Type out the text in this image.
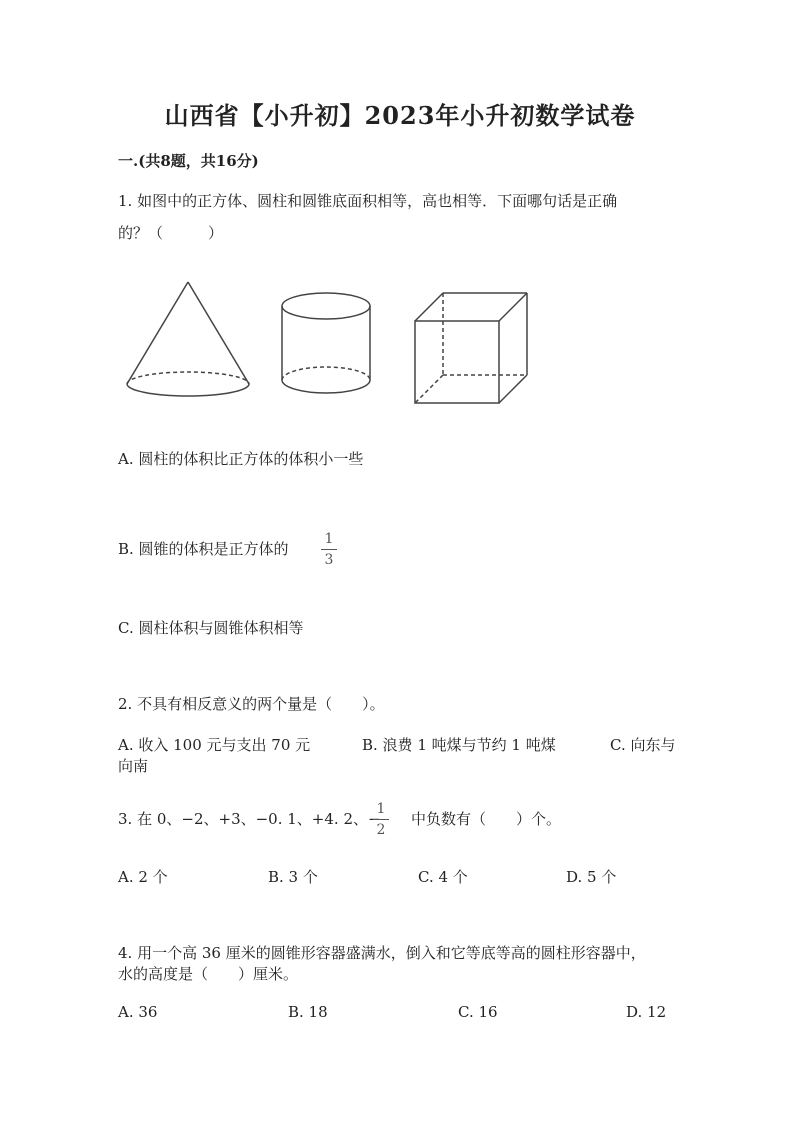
山西省【小升初】2023年小升初数学试卷
一.(共8题，共16分)
1. 如图中的正方体、圆柱和圆锥底面积相等，高也相等．下面哪句话是正确
的？（　　　）
A. 圆柱的体积比正方体的体积小一些
B. 圆锥的体积是正方体的
1
3
C. 圆柱体积与圆锥体积相等
2. 不具有相反意义的两个量是（　　）。
A. 收入 100 元与支出 70 元	B. 浪费 1 吨煤与节约 1 吨煤	C. 向东与
向南
3. 在 0、−2、+3、−0. 1、+4. 2、−
1
2
中负数有（　　）个。
A. 2 个	B. 3 个	C. 4 个	D. 5 个
4. 用一个高 36 厘米的圆锥形容器盛满水，倒入和它等底等高的圆柱形容器中，
水的高度是（　　）厘米。
A. 36	B. 18	C. 16	D. 12
